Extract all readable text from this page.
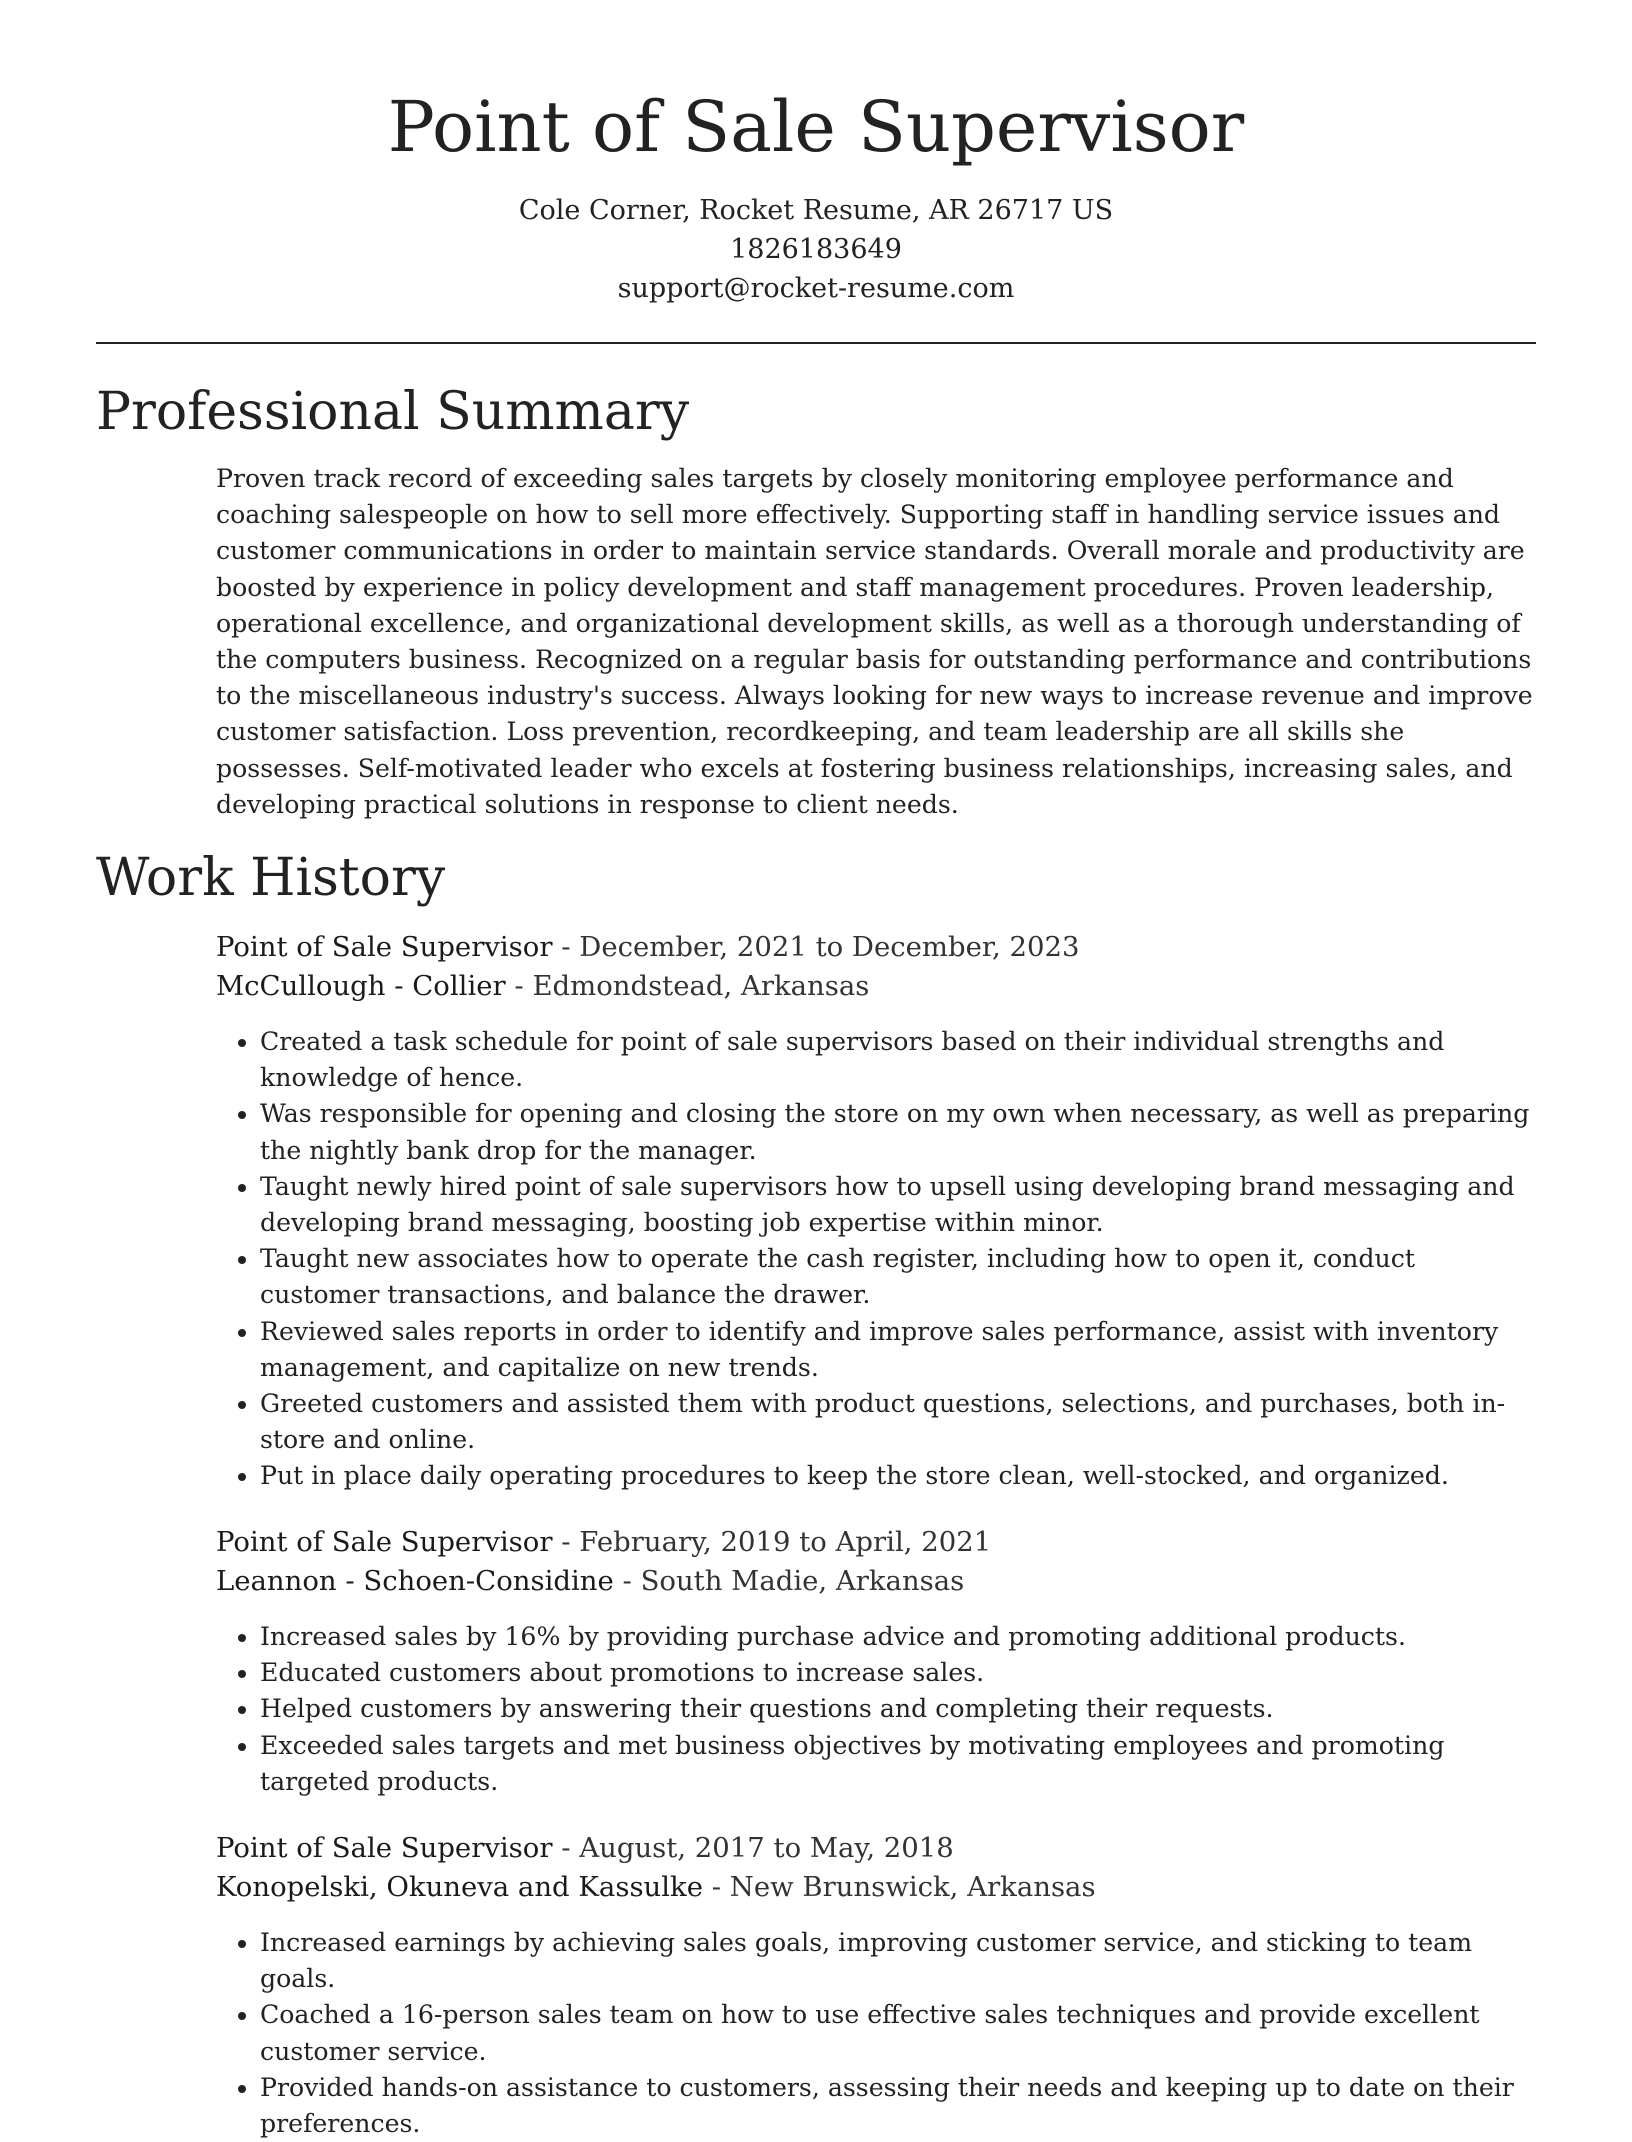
Point of Sale Supervisor
Cole Corner, Rocket Resume, AR 26717 US
1826183649
support@rocket-resume.com
Professional Summary

Proven track record of exceeding sales targets by closely monitoring employee performance and coaching salespeople on how to sell more effectively. Supporting staff in handling service issues and customer communications in order to maintain service standards. Overall morale and productivity are boosted by experience in policy development and staff management procedures. Proven leadership, operational excellence, and organizational development skills, as well as a thorough understanding of the computers business. Recognized on a regular basis for outstanding performance and contributions to the miscellaneous industry's success. Always looking for new ways to increase revenue and improve customer satisfaction. Loss prevention, recordkeeping, and team leadership are all skills she possesses. Self-motivated leader who excels at fostering business relationships, increasing sales, and developing practical solutions in response to client needs.

Work History
Point of Sale Supervisor - December, 2021 to December, 2023
McCullough - Collier - Edmondstead, Arkansas
• Created a task schedule for point of sale supervisors based on their individual strengths and knowledge of hence.
• Was responsible for opening and closing the store on my own when necessary, as well as preparing the nightly bank drop for the manager.
• Taught newly hired point of sale supervisors how to upsell using developing brand messaging and developing brand messaging, boosting job expertise within minor.
• Taught new associates how to operate the cash register, including how to open it, conduct customer transactions, and balance the drawer.
• Reviewed sales reports in order to identify and improve sales performance, assist with inventory management, and capitalize on new trends.
• Greeted customers and assisted them with product questions, selections, and purchases, both in-store and online.
• Put in place daily operating procedures to keep the store clean, well-stocked, and organized.
Point of Sale Supervisor - February, 2019 to April, 2021
Leannon - Schoen-Considine - South Madie, Arkansas
• Increased sales by 16% by providing purchase advice and promoting additional products.
• Educated customers about promotions to increase sales.
• Helped customers by answering their questions and completing their requests.
• Exceeded sales targets and met business objectives by motivating employees and promoting targeted products.
Point of Sale Supervisor - August, 2017 to May, 2018
Konopelski, Okuneva and Kassulke - New Brunswick, Arkansas
• Increased earnings by achieving sales goals, improving customer service, and sticking to team goals.
• Coached a 16-person sales team on how to use effective sales techniques and provide excellent customer service.
• Provided hands-on assistance to customers, assessing their needs and keeping up to date on their preferences.
